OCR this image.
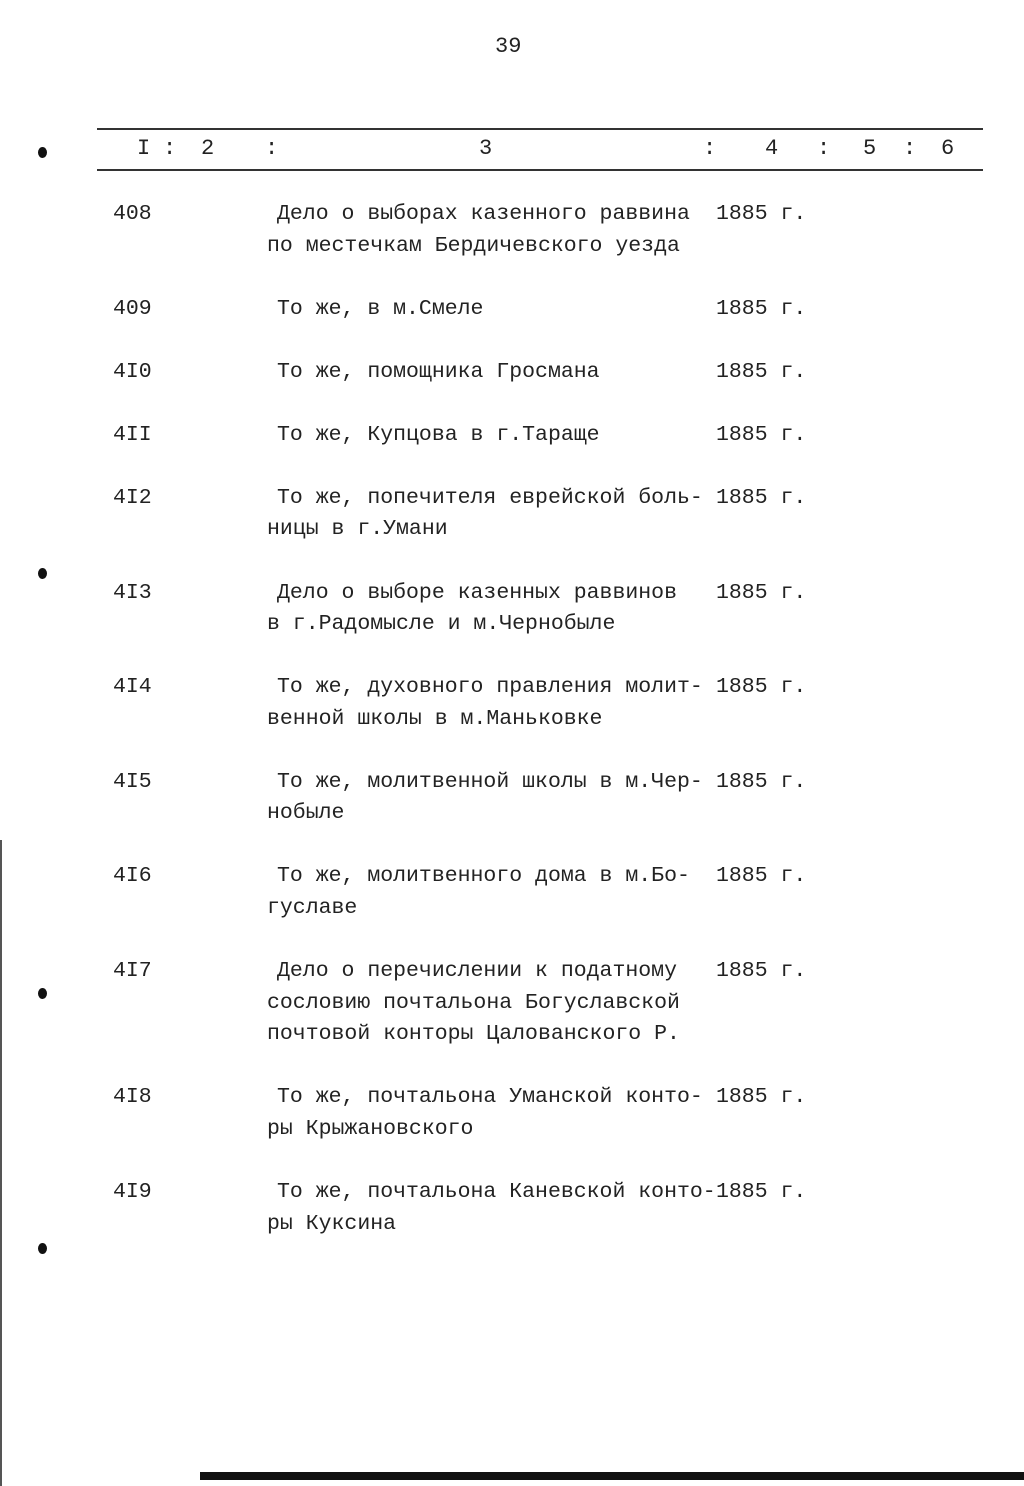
39
I : 2 :	3	: 4 : 5 : 6
408	Дело о выборах казенного раввина
по местечкам Бердичевского уезда
1885 г.
409	То же, в м.Смеле	1885 г.
4I0	То же, помощника Гросмана	1885 г.
4II	То же, Купцова в г.Таращe	1885 г.
4I2	То же, попечителя еврейской боль-
ницы в г.Умани
1885 г.
4I3	Дело о выборе казенных раввинов
в г.Радомысле и м.Чернобыле
1885 г.
4I4	То же, духовного правления молит-
венной школы в м.Маньковке
1885 г.
4I5	То же, молитвенной школы в м.Чер-
нобыле
1885 г.
4I6	То же, молитвенного дома в м.Бо-
гуславе
1885 г.
4I7	Дело о перечислении к податному
сословию почтальона Богуславской
почтовой конторы Цалованского Р.
1885 г.
4I8	То же, почтальона Уманской конто-
ры Крыжановского
1885 г.
4I9	То же, почтальона Каневской конто-
ры Куксина
1885 г.
